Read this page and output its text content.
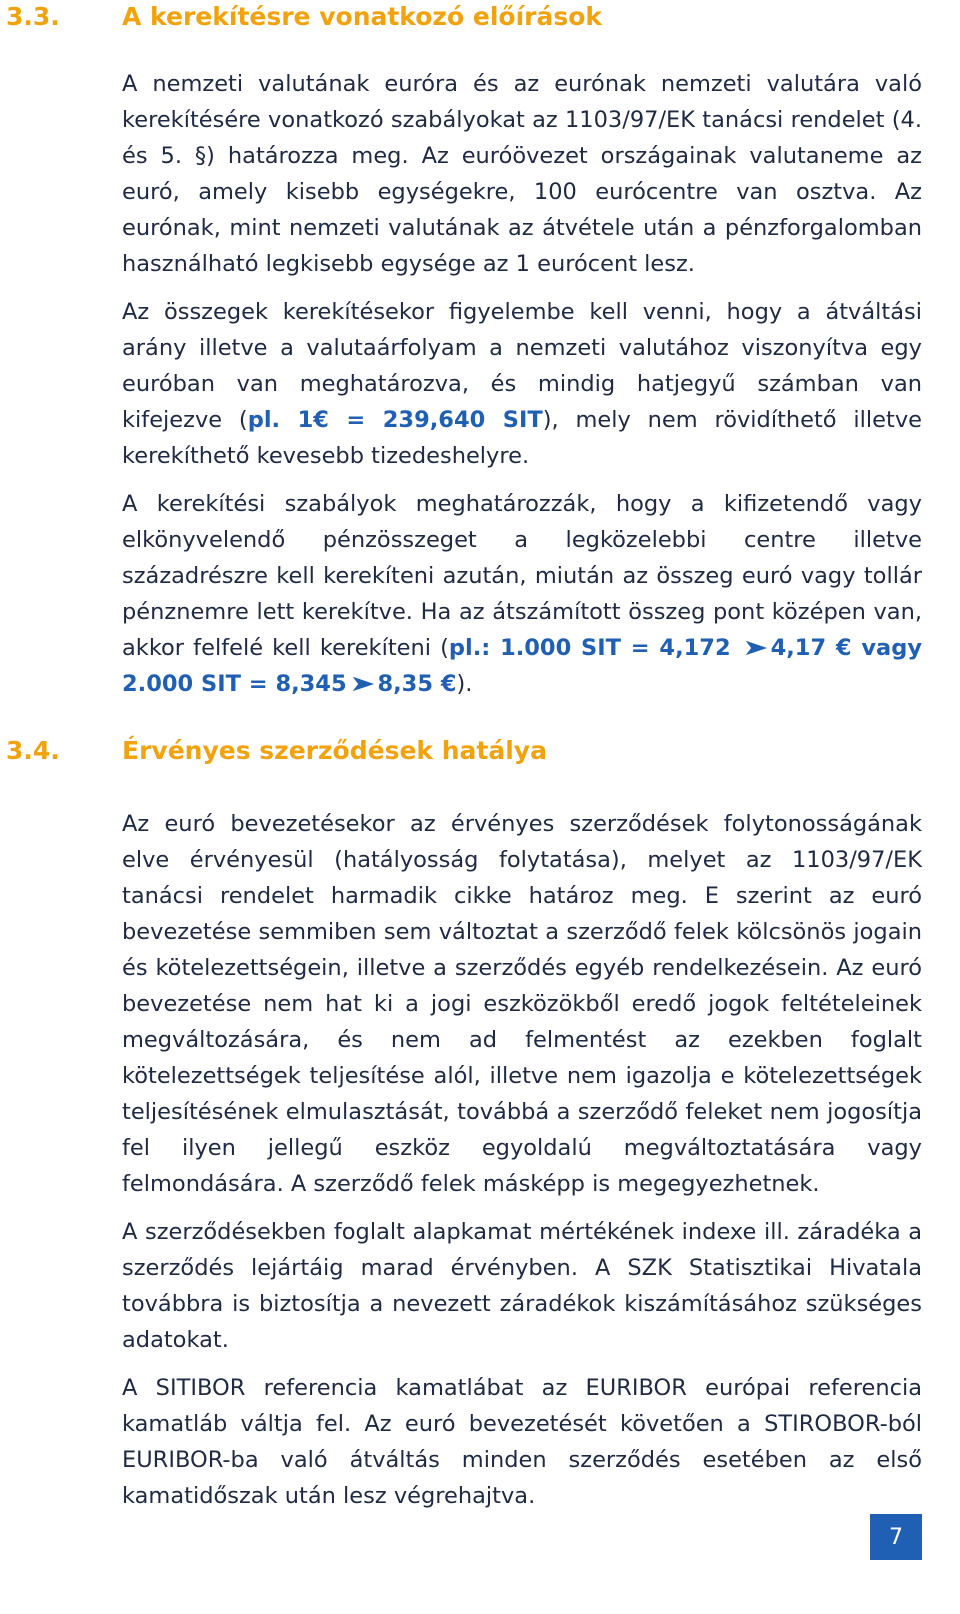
3.3. A kerekítésre vonatkozó előírások

A nemzeti valutának euróra és az eurónak nemzeti valutára való kerekítésére vonatkozó szabályokat az 1103/97/EK tanácsi rendelet (4. és 5. §) határozza meg. Az euróövezet országainak valutaneme az euró, amely kisebb egységekre, 100 eurócentre van osztva. Az eurónak, mint nemzeti valutának az átvétele után a pénzforgalomban használható legkisebb egysége az 1 eurócent lesz.

Az összegek kerekítésekor figyelembe kell venni, hogy a átváltási arány illetve a valutaárfolyam a nemzeti valutához viszonyítva egy euróban van meghatározva, és mindig hatjegyű számban van kifejezve (pl. 1€ = 239,640 SIT), mely nem rövidíthető illetve kerekíthető kevesebb tizedeshelyre.

A kerekítési szabályok meghatározzák, hogy a kifizetendő vagy elkönyvelendő pénzösszeget a legközelebbi centre illetve századrészre kell kerekíteni azután, miután az összeg euró vagy tollár pénznemre lett kerekítve. Ha az átszámított összeg pont középen van, akkor felfelé kell kerekíteni (pl.: 1.000 SIT = 4,172 ➤4,17 € vagy 2.000 SIT = 8,345➤8,35 €).

3.4. Érvényes szerződések hatálya

Az euró bevezetésekor az érvényes szerződések folytonosságának elve érvényesül (hatályosság folytatása), melyet az 1103/97/EK tanácsi rendelet harmadik cikke határoz meg. E szerint az euró bevezetése semmiben sem változtat a szerződő felek kölcsönös jogain és kötelezettségein, illetve a szerződés egyéb rendelkezésein. Az euró bevezetése nem hat ki a jogi eszközökből eredő jogok feltételeinek megváltozására, és nem ad felmentést az ezekben foglalt kötelezettségek teljesítése alól, illetve nem igazolja e kötelezettségek teljesítésének elmulasztását, továbbá a szerződő feleket nem jogosítja fel ilyen jellegű eszköz egyoldalú megváltoztatására vagy felmondására. A szerződő felek másképp is megegyezhetnek.

A szerződésekben foglalt alapkamat mértékének indexe ill. záradéka a szerződés lejártáig marad érvényben. A SZK Statisztikai Hivatala továbbra is biztosítja a nevezett záradékok kiszámításához szükséges adatokat.

A SITIBOR referencia kamatlábat az EURIBOR európai referencia kamatláb váltja fel. Az euró bevezetését követően a STIROBOR-ból EURIBOR-ba való átváltás minden szerződés esetében az első kamatidőszak után lesz végrehajtva.

7
